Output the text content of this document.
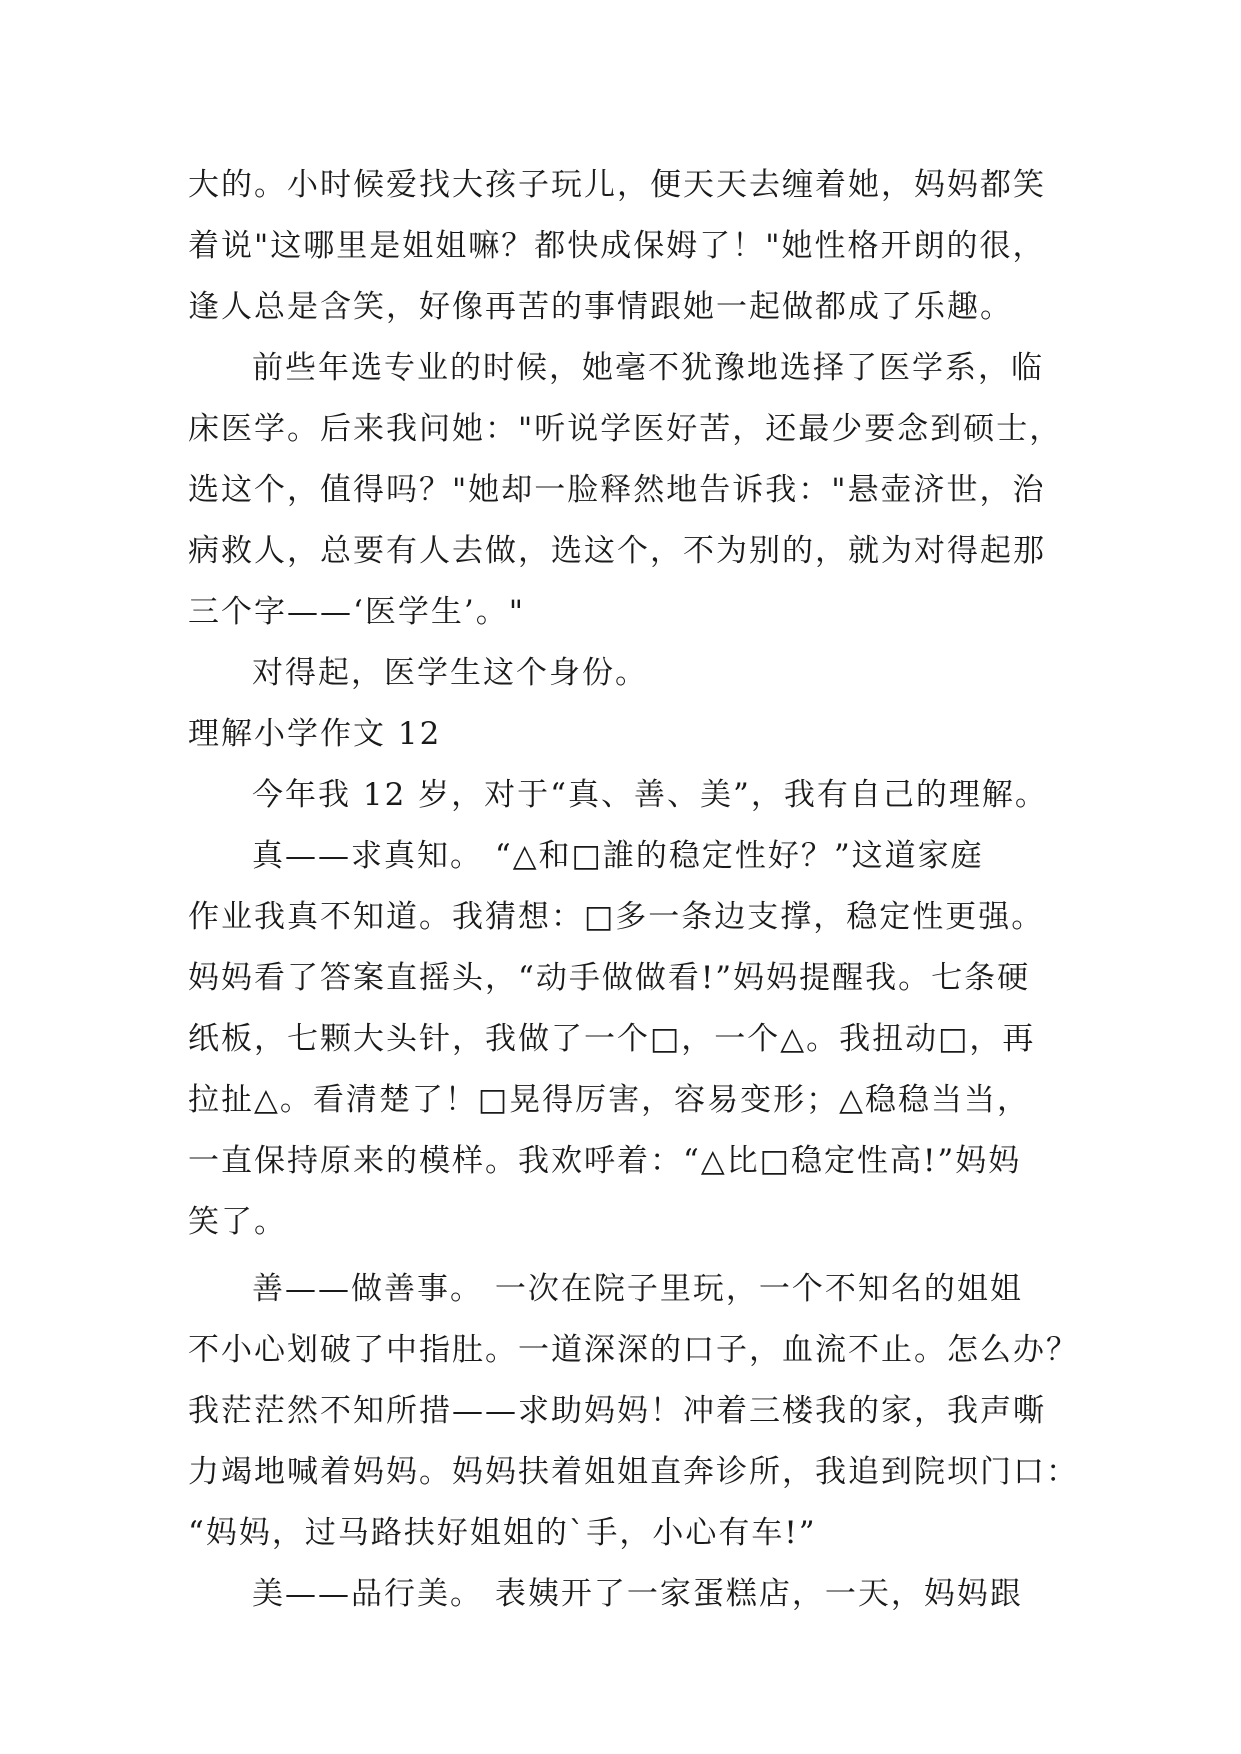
大的。小时候爱找大孩子玩儿，便天天去缠着她，妈妈都笑
着说"这哪里是姐姐嘛？都快成保姆了！"她性格开朗的很，
逢人总是含笑，好像再苦的事情跟她一起做都成了乐趣。
前些年选专业的时候，她毫不犹豫地选择了医学系，临
床医学。后来我问她："听说学医好苦，还最少要念到硕士，
选这个，值得吗？"她却一脸释然地告诉我："悬壶济世，治
病救人，总要有人去做，选这个，不为别的，就为对得起那
三个字——‘医学生’。"
对得起，医学生这个身份。
理解小学作文 12
今年我 12 岁，对于“真、善、美”，我有自己的理解。
真——求真知。 “△和□誰的稳定性好？”这道家庭
作业我真不知道。我猜想：□多一条边支撑，稳定性更强。
妈妈看了答案直摇头，“动手做做看!”妈妈提醒我。七条硬
纸板，七颗大头针，我做了一个□，一个△。我扭动□，再
拉扯△。看清楚了！□晃得厉害，容易变形；△稳稳当当，
一直保持原来的模样。我欢呼着：“△比□稳定性高!”妈妈
笑了。
善——做善事。 一次在院子里玩，一个不知名的姐姐
不小心划破了中指肚。一道深深的口子，血流不止。怎么办？
我茫茫然不知所措——求助妈妈！冲着三楼我的家，我声嘶
力竭地喊着妈妈。妈妈扶着姐姐直奔诊所，我追到院坝门口：
“妈妈，过马路扶好姐姐的`手，小心有车!”
美——品行美。 表姨开了一家蛋糕店，一天，妈妈跟
